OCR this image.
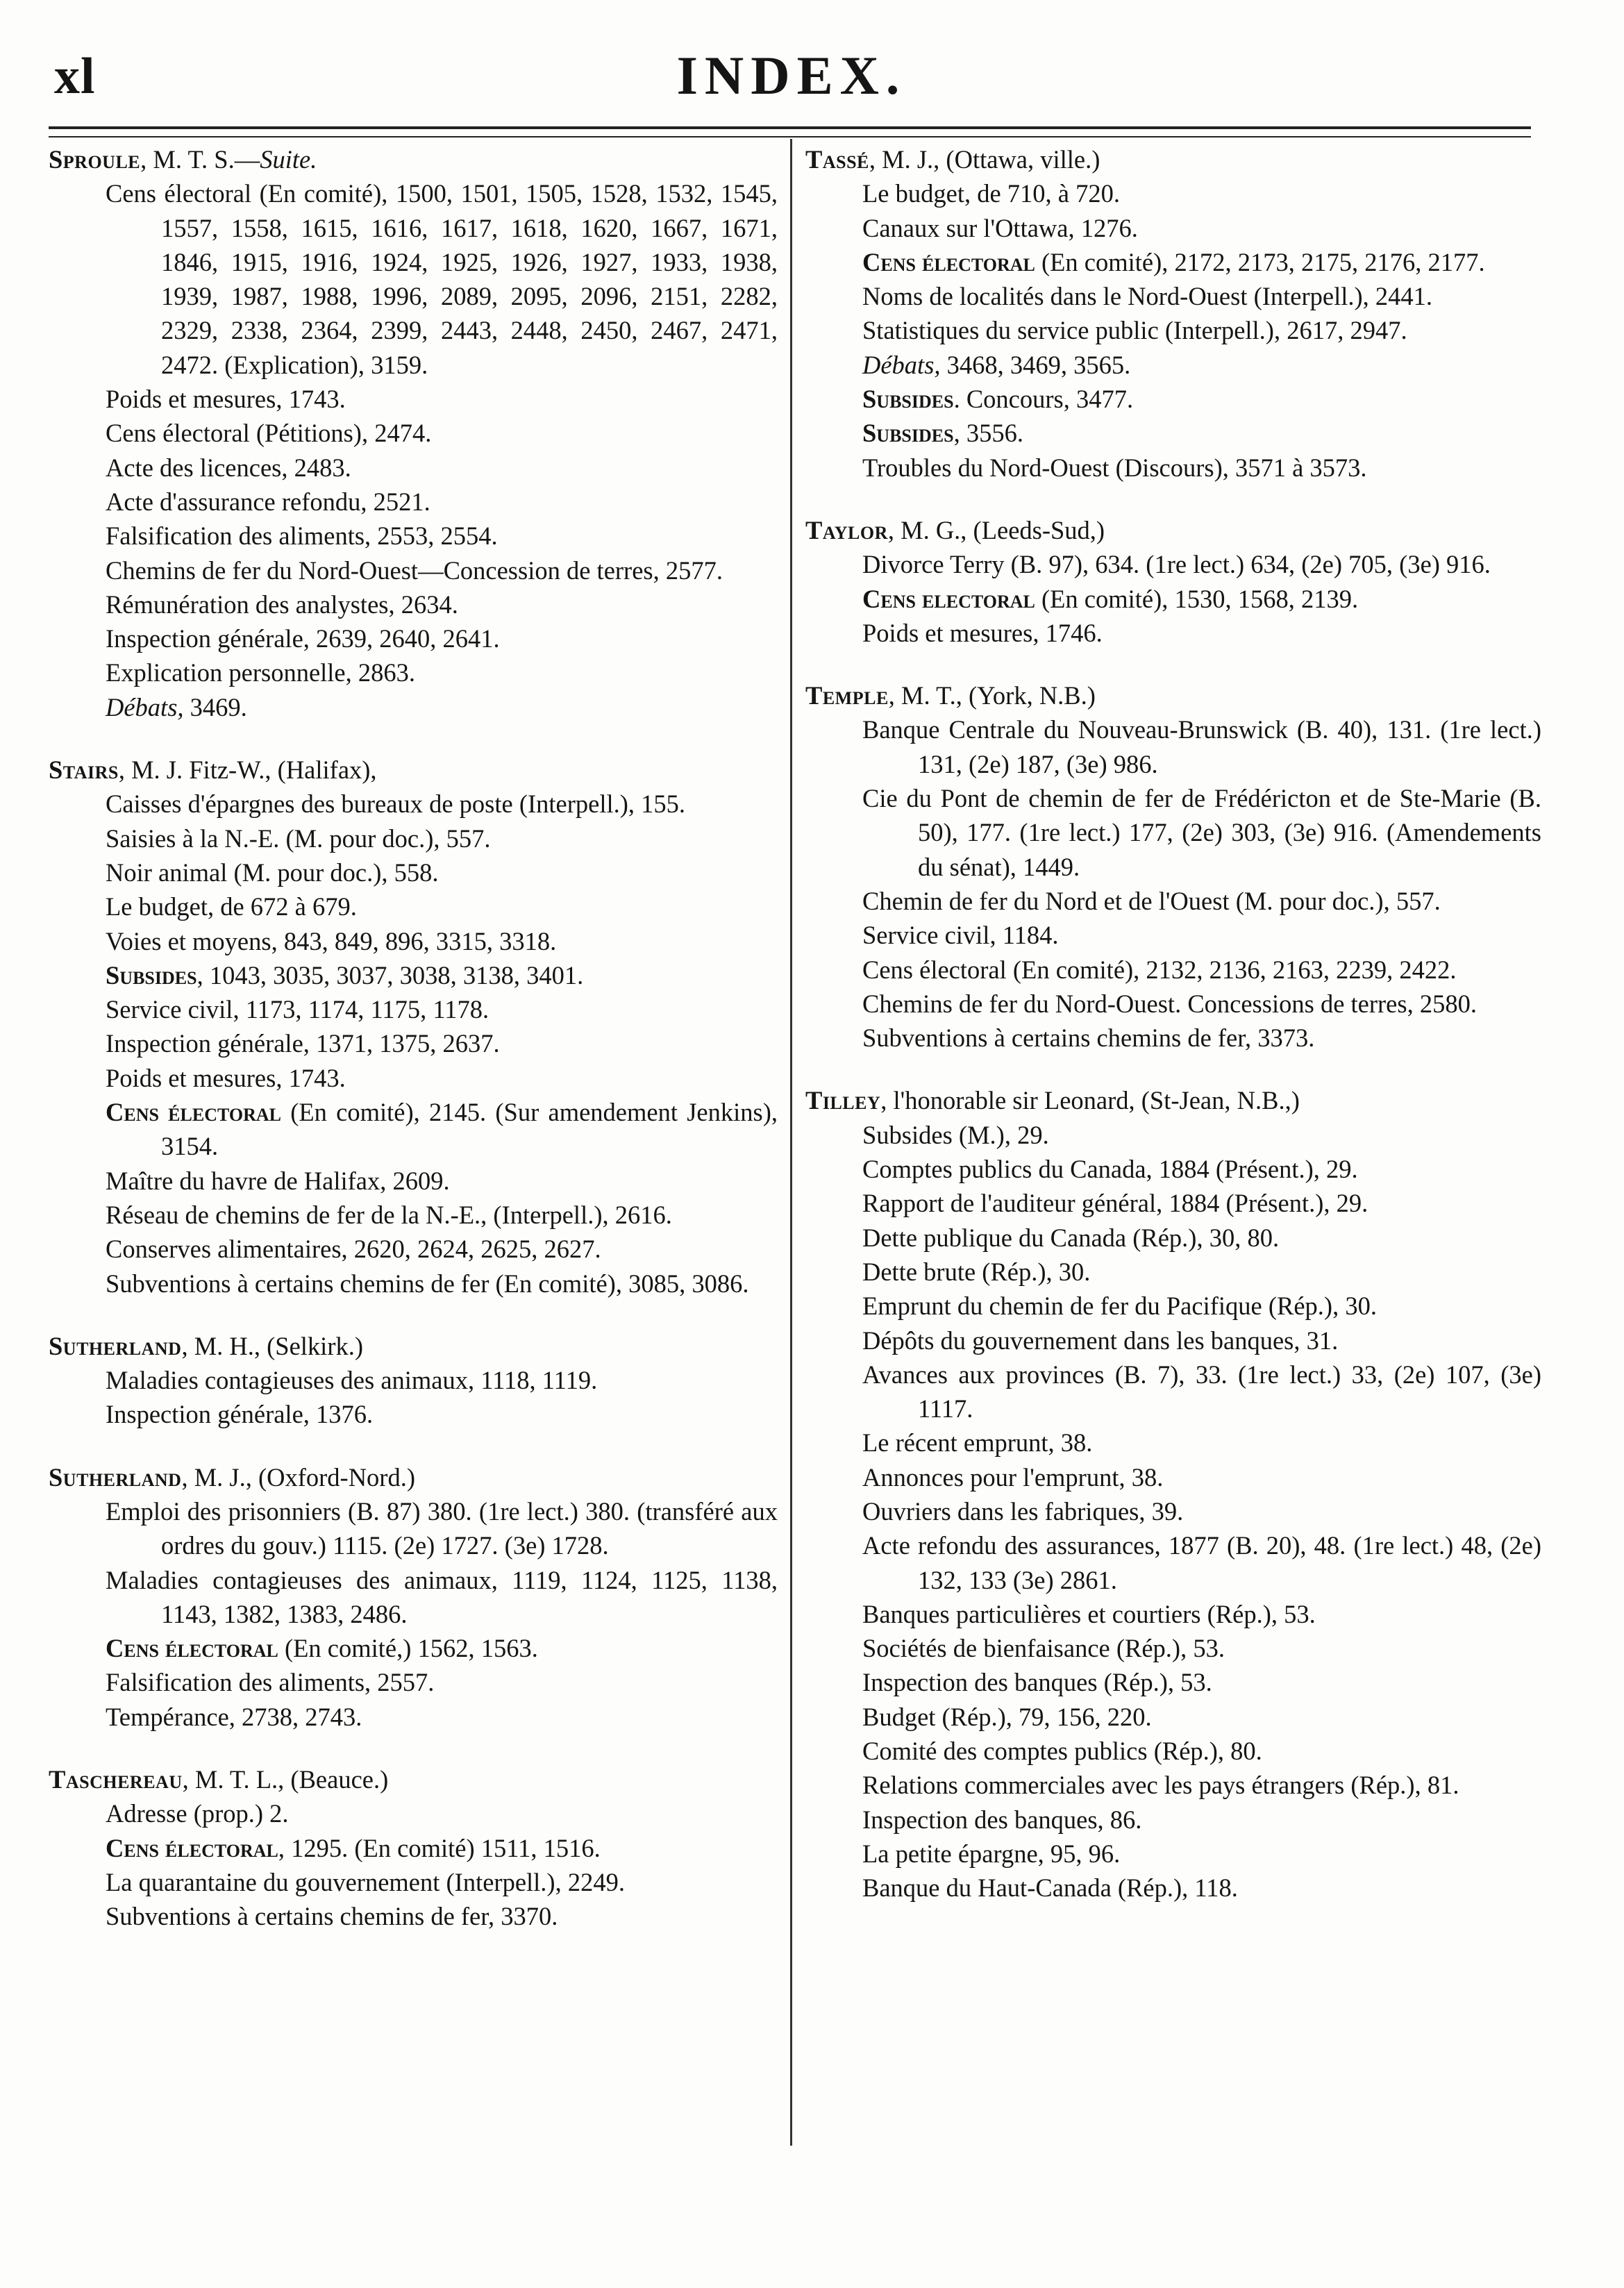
xl	INDEX.
Sproule, M. T. S.—Suite.
Cens électoral (En comité), 1500, 1501, 1505, 1528, 1532, 1545, 1557, 1558, 1615, 1616, 1617, 1618, 1620, 1667, 1671, 1846, 1915, 1916, 1924, 1925, 1926, 1927, 1933, 1938, 1939, 1987, 1988, 1996, 2089, 2095, 2096, 2151, 2282, 2329, 2338, 2364, 2399, 2443, 2448, 2450, 2467, 2471, 2472. (Explication), 3159.
Poids et mesures, 1743.
Cens électoral (Pétitions), 2474.
Acte des licences, 2483.
Acte d'assurance refondu, 2521.
Falsification des aliments, 2553, 2554.
Chemins de fer du Nord-Ouest—Concession de terres, 2577.
Rémunération des analystes, 2634.
Inspection générale, 2639, 2640, 2641.
Explication personnelle, 2863.
Débats, 3469.
Stairs, M. J. Fitz-W., (Halifax),
Caisses d'épargnes des bureaux de poste (Interpell.), 155.
Saisies à la N.-E. (M. pour doc.), 557.
Noir animal (M. pour doc.), 558.
Le budget, de 672 à 679.
Voies et moyens, 843, 849, 896, 3315, 3318.
Subsides, 1043, 3035, 3037, 3038, 3138, 3401.
Service civil, 1173, 1174, 1175, 1178.
Inspection générale, 1371, 1375, 2637.
Poids et mesures, 1743.
Cens électoral (En comité), 2145. (Sur amendement Jenkins), 3154.
Maître du havre de Halifax, 2609.
Réseau de chemins de fer de la N.-E., (Interpell.), 2616.
Conserves alimentaires, 2620, 2624, 2625, 2627.
Subventions à certains chemins de fer (En comité), 3085, 3086.
Sutherland, M. H., (Selkirk.)
Maladies contagieuses des animaux, 1118, 1119.
Inspection générale, 1376.
Sutherland, M. J., (Oxford-Nord.)
Emploi des prisonniers (B. 87) 380. (1re lect.) 380. (transféré aux ordres du gouv.) 1115. (2e) 1727. (3e) 1728.
Maladies contagieuses des animaux, 1119, 1124, 1125, 1138, 1143, 1382, 1383, 2486.
Cens électoral (En comité,) 1562, 1563.
Falsification des aliments, 2557.
Tempérance, 2738, 2743.
Taschereau, M. T. L., (Beauce.)
Adresse (prop.) 2.
Cens électoral, 1295. (En comité) 1511, 1516.
La quarantaine du gouvernement (Interpell.), 2249.
Subventions à certains chemins de fer, 3370.
Tassé, M. J., (Ottawa, ville.)
Le budget, de 710, à 720.
Canaux sur l'Ottawa, 1276.
Cens électoral (En comité), 2172, 2173, 2175, 2176, 2177.
Noms de localités dans le Nord-Ouest (Interpell.), 2441.
Statistiques du service public (Interpell.), 2617, 2947.
Débats, 3468, 3469, 3565.
Subsides. Concours, 3477.
Subsides, 3556.
Troubles du Nord-Ouest (Discours), 3571 à 3573.
Taylor, M. G., (Leeds-Sud,)
Divorce Terry (B. 97), 634. (1re lect.) 634, (2e) 705, (3e) 916.
Cens electoral (En comité), 1530, 1568, 2139.
Poids et mesures, 1746.
Temple, M. T., (York, N.B.)
Banque Centrale du Nouveau-Brunswick (B. 40), 131. (1re lect.) 131, (2e) 187, (3e) 986.
Cie du Pont de chemin de fer de Frédéricton et de Ste-Marie (B. 50), 177. (1re lect.) 177, (2e) 303, (3e) 916. (Amendements du sénat), 1449.
Chemin de fer du Nord et de l'Ouest (M. pour doc.), 557.
Service civil, 1184.
Cens électoral (En comité), 2132, 2136, 2163, 2239, 2422.
Chemins de fer du Nord-Ouest. Concessions de terres, 2580.
Subventions à certains chemins de fer, 3373.
Tilley, l'honorable sir Leonard, (St-Jean, N.B.,)
Subsides (M.), 29.
Comptes publics du Canada, 1884 (Présent.), 29.
Rapport de l'auditeur général, 1884 (Présent.), 29.
Dette publique du Canada (Rép.), 30, 80.
Dette brute (Rép.), 30.
Emprunt du chemin de fer du Pacifique (Rép.), 30.
Dépôts du gouvernement dans les banques, 31.
Avances aux provinces (B. 7), 33. (1re lect.) 33, (2e) 107, (3e) 1117.
Le récent emprunt, 38.
Annonces pour l'emprunt, 38.
Ouvriers dans les fabriques, 39.
Acte refondu des assurances, 1877 (B. 20), 48. (1re lect.) 48, (2e) 132, 133 (3e) 2861.
Banques particulières et courtiers (Rép.), 53.
Sociétés de bienfaisance (Rép.), 53.
Inspection des banques (Rép.), 53.
Budget (Rép.), 79, 156, 220.
Comité des comptes publics (Rép.), 80.
Relations commerciales avec les pays étrangers (Rép.), 81.
Inspection des banques, 86.
La petite épargne, 95, 96.
Banque du Haut-Canada (Rép.), 118.
